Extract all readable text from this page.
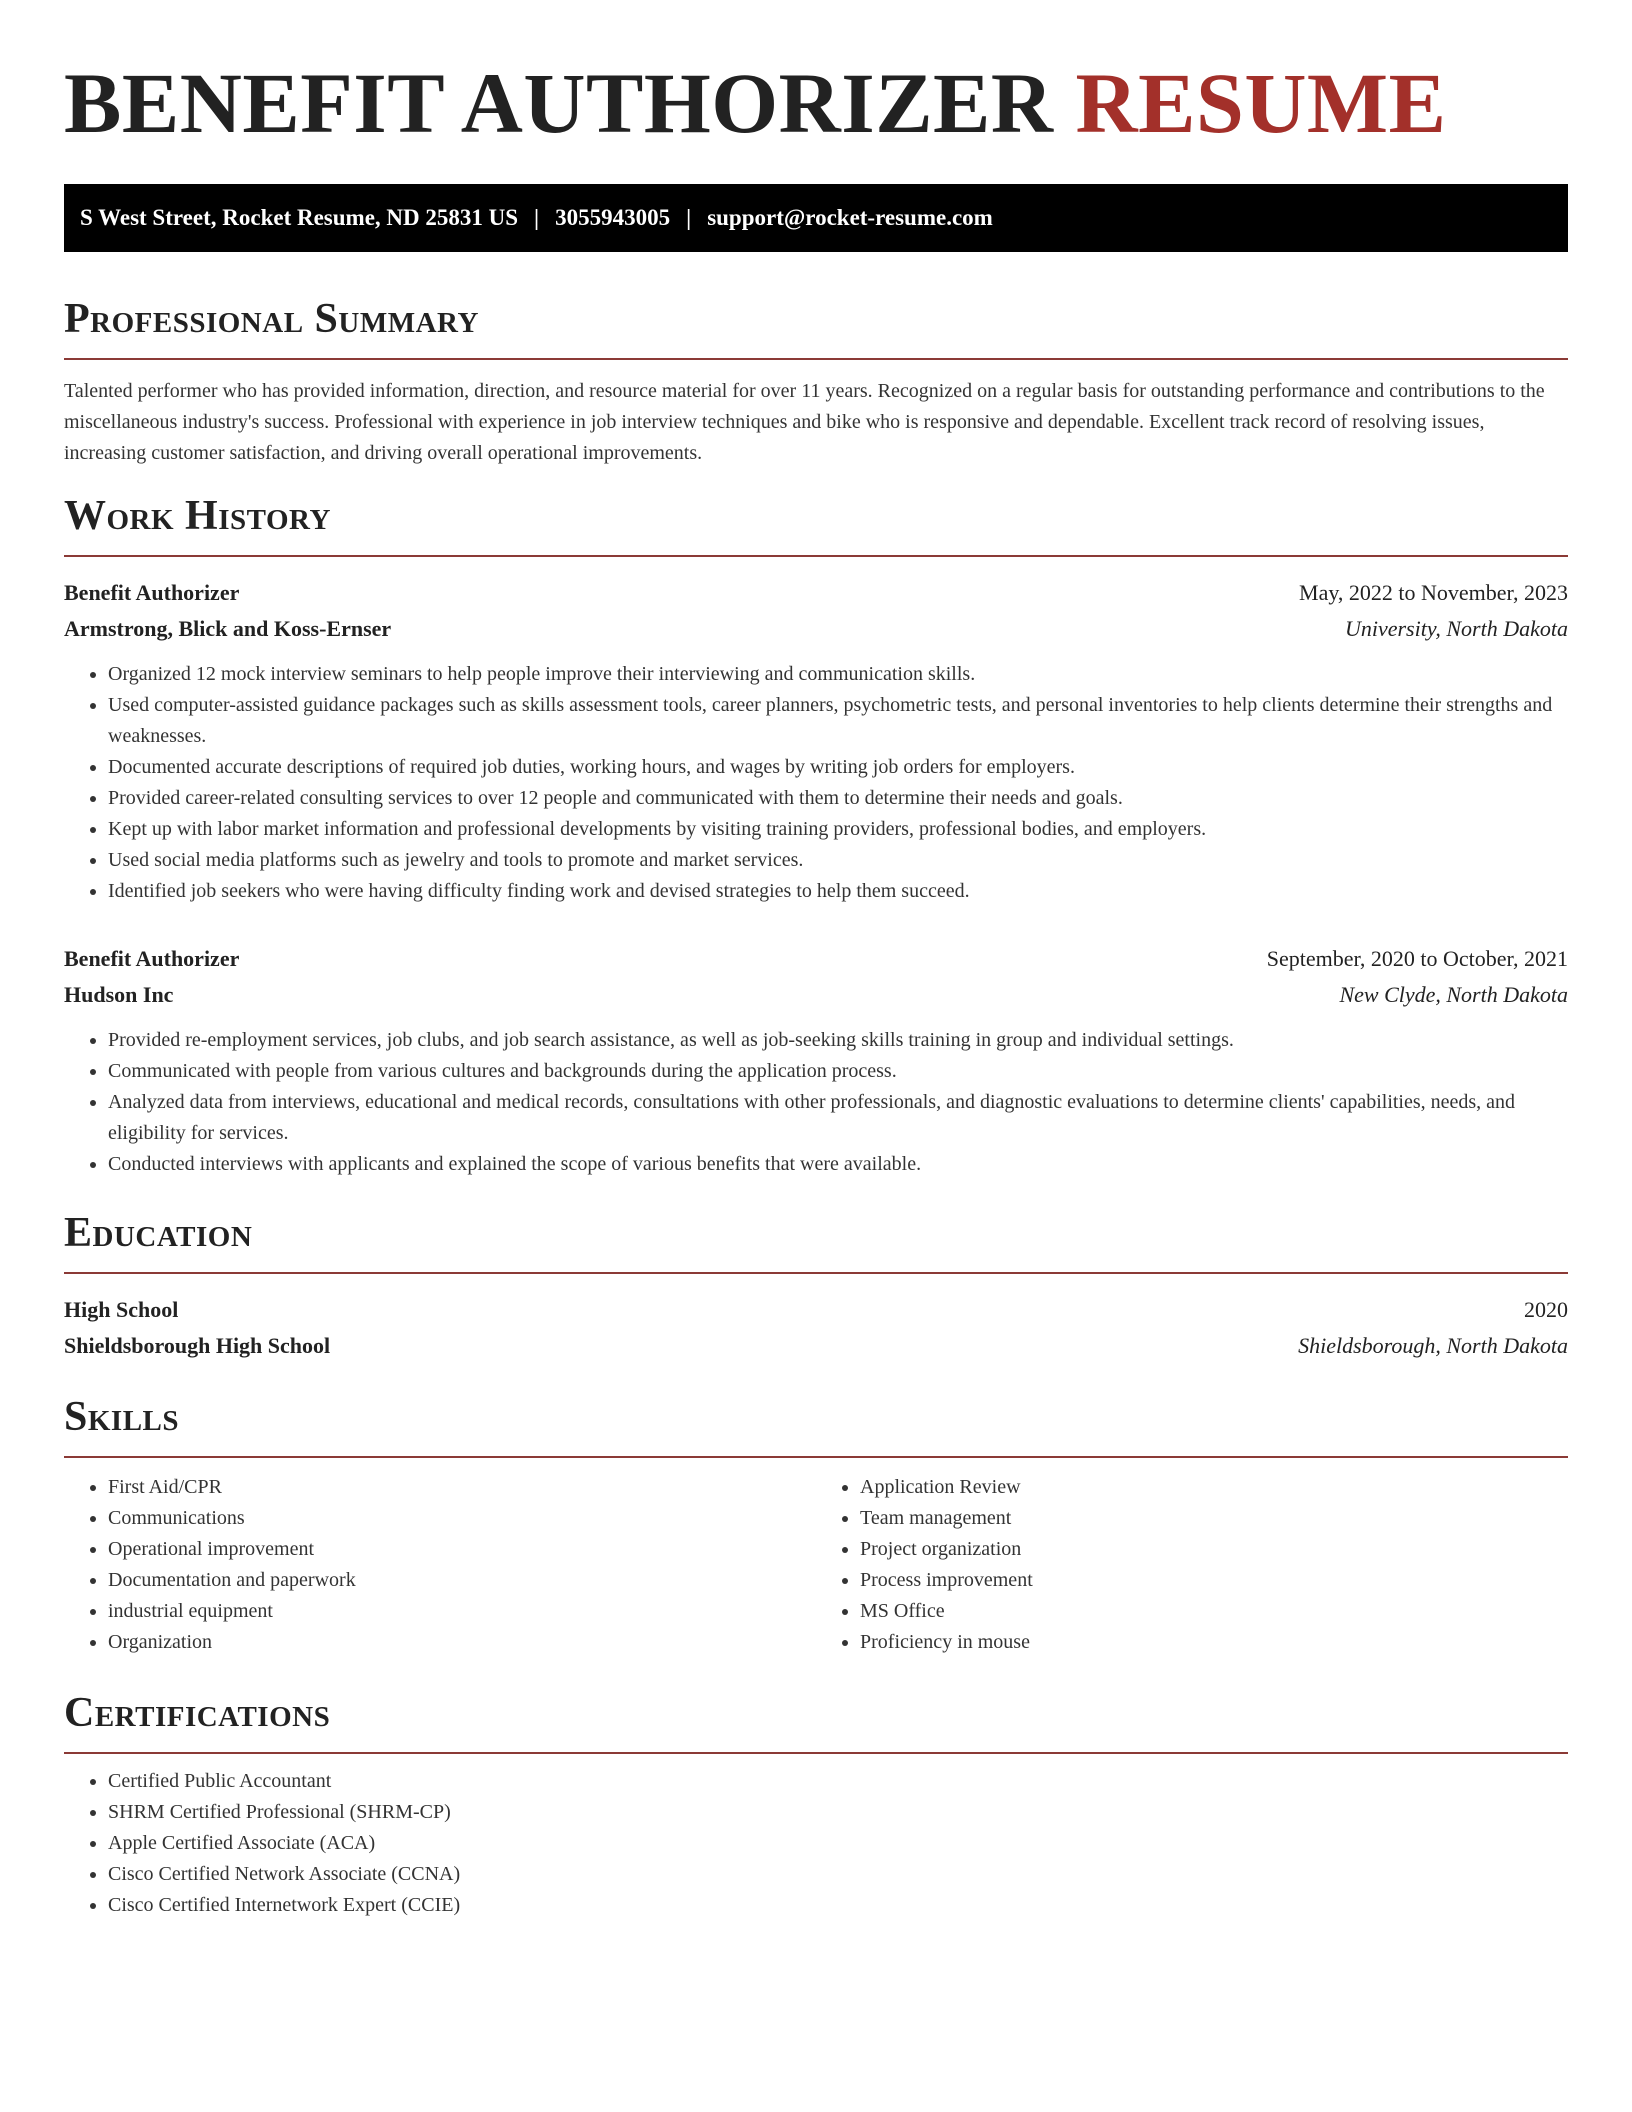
BENEFIT AUTHORIZER RESUME
S West Street, Rocket Resume, ND 25831 US | 3055943005 | support@rocket-resume.com
Professional Summary

Talented performer who has provided information, direction, and resource material for over 11 years. Recognized on a regular basis for outstanding performance and contributions to the miscellaneous industry's success. Professional with experience in job interview techniques and bike who is responsive and dependable. Excellent track record of resolving issues, increasing customer satisfaction, and driving overall operational improvements.

Work History
Benefit Authorizer	May, 2022 to November, 2023
Armstrong, Blick and Koss-Ernser	University, North Dakota
• Organized 12 mock interview seminars to help people improve their interviewing and communication skills.
• Used computer-assisted guidance packages such as skills assessment tools, career planners, psychometric tests, and personal inventories to help clients determine their strengths and weaknesses.
• Documented accurate descriptions of required job duties, working hours, and wages by writing job orders for employers.
• Provided career-related consulting services to over 12 people and communicated with them to determine their needs and goals.
• Kept up with labor market information and professional developments by visiting training providers, professional bodies, and employers.
• Used social media platforms such as jewelry and tools to promote and market services.
• Identified job seekers who were having difficulty finding work and devised strategies to help them succeed.
Benefit Authorizer	September, 2020 to October, 2021
Hudson Inc	New Clyde, North Dakota
• Provided re-employment services, job clubs, and job search assistance, as well as job-seeking skills training in group and individual settings.
• Communicated with people from various cultures and backgrounds during the application process.
• Analyzed data from interviews, educational and medical records, consultations with other professionals, and diagnostic evaluations to determine clients' capabilities, needs, and eligibility for services.
• Conducted interviews with applicants and explained the scope of various benefits that were available.
Education
High School	2020
Shieldsborough High School	Shieldsborough, North Dakota
Skills
• First Aid/CPR
• Communications
• Operational improvement
• Documentation and paperwork
• industrial equipment
• Organization
• Application Review
• Team management
• Project organization
• Process improvement
• MS Office
• Proficiency in mouse
Certifications
• Certified Public Accountant
• SHRM Certified Professional (SHRM-CP)
• Apple Certified Associate (ACA)
• Cisco Certified Network Associate (CCNA)
• Cisco Certified Internetwork Expert (CCIE)
